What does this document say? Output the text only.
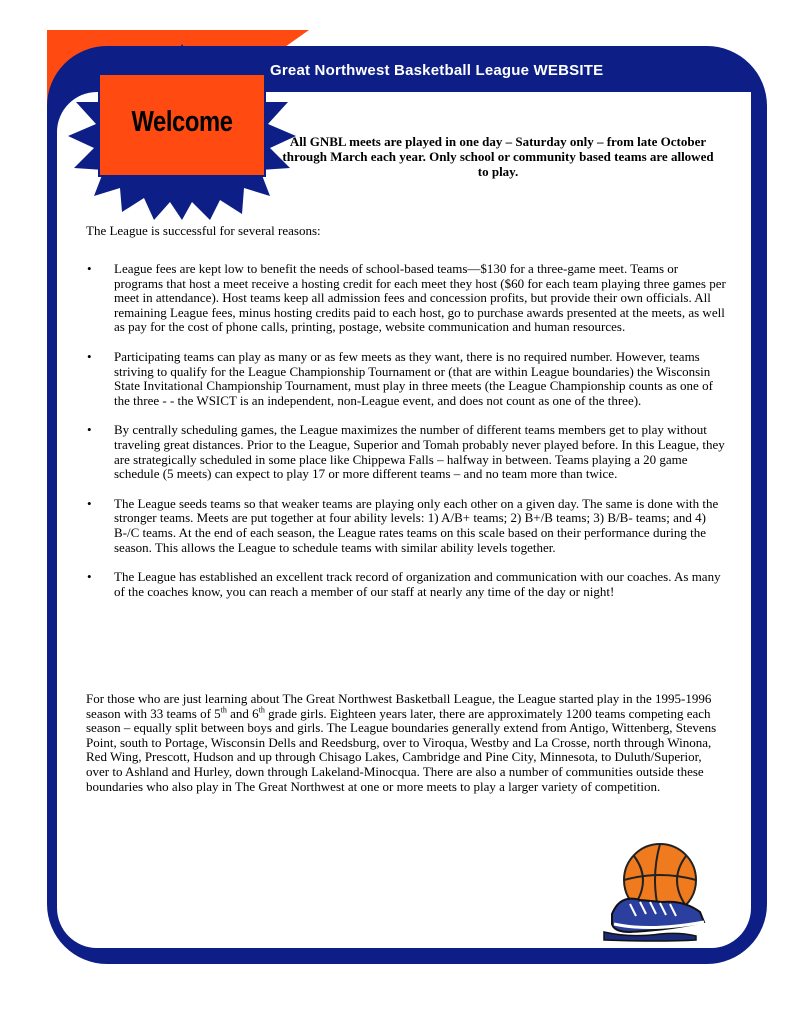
Great Northwest Basketball League WEBSITE
Welcome
All GNBL meets are played in one day – Saturday only – from late October through March each year. Only school or community based teams are allowed to play.
The League is successful for several reasons:
• League fees are kept low to benefit the needs of school-based teams—$130 for a three-game meet. Teams or programs that host a meet receive a hosting credit for each meet they host ($60 for each team playing three games per meet in attendance). Host teams keep all admission fees and concession profits, but provide their own officials. All remaining League fees, minus hosting credits paid to each host, go to purchase awards presented at the meets, as well as pay for the cost of phone calls, printing, postage, website communication and human resources.
• Participating teams can play as many or as few meets as they want, there is no required number. However, teams striving to qualify for the League Championship Tournament or (that are within League boundaries) the Wisconsin State Invitational Championship Tournament, must play in three meets (the League Championship counts as one of the three - - the WSICT is an independent, non-League event, and does not count as one of the three).
• By centrally scheduling games, the League maximizes the number of different teams members get to play without traveling great distances. Prior to the League, Superior and Tomah probably never played before. In this League, they are strategically scheduled in some place like Chippewa Falls – halfway in between. Teams playing a 20 game schedule (5 meets) can expect to play 17 or more different teams – and no team more than twice.
• The League seeds teams so that weaker teams are playing only each other on a given day. The same is done with the stronger teams. Meets are put together at four ability levels: 1) A/B+ teams; 2) B+/B teams; 3) B/B- teams; and 4) B-/C teams. At the end of each season, the League rates teams on this scale based on their performance during the season. This allows the League to schedule teams with similar ability levels together.
• The League has established an excellent track record of organization and communication with our coaches. As many of the coaches know, you can reach a member of our staff at nearly any time of the day or night!
For those who are just learning about The Great Northwest Basketball League, the League started play in the 1995-1996 season with 33 teams of 5th and 6th grade girls. Eighteen years later, there are approximately 1200 teams competing each season – equally split between boys and girls. The League boundaries generally extend from Antigo, Wittenberg, Stevens Point, south to Portage, Wisconsin Dells and Reedsburg, over to Viroqua, Westby and La Crosse, north through Winona, Red Wing, Prescott, Hudson and up through Chisago Lakes, Cambridge and Pine City, Minnesota, to Duluth/Superior, over to Ashland and Hurley, down through Lakeland-Minocqua. There are also a number of communities outside these boundaries who also play in The Great Northwest at one or more meets to play a larger variety of competition.
